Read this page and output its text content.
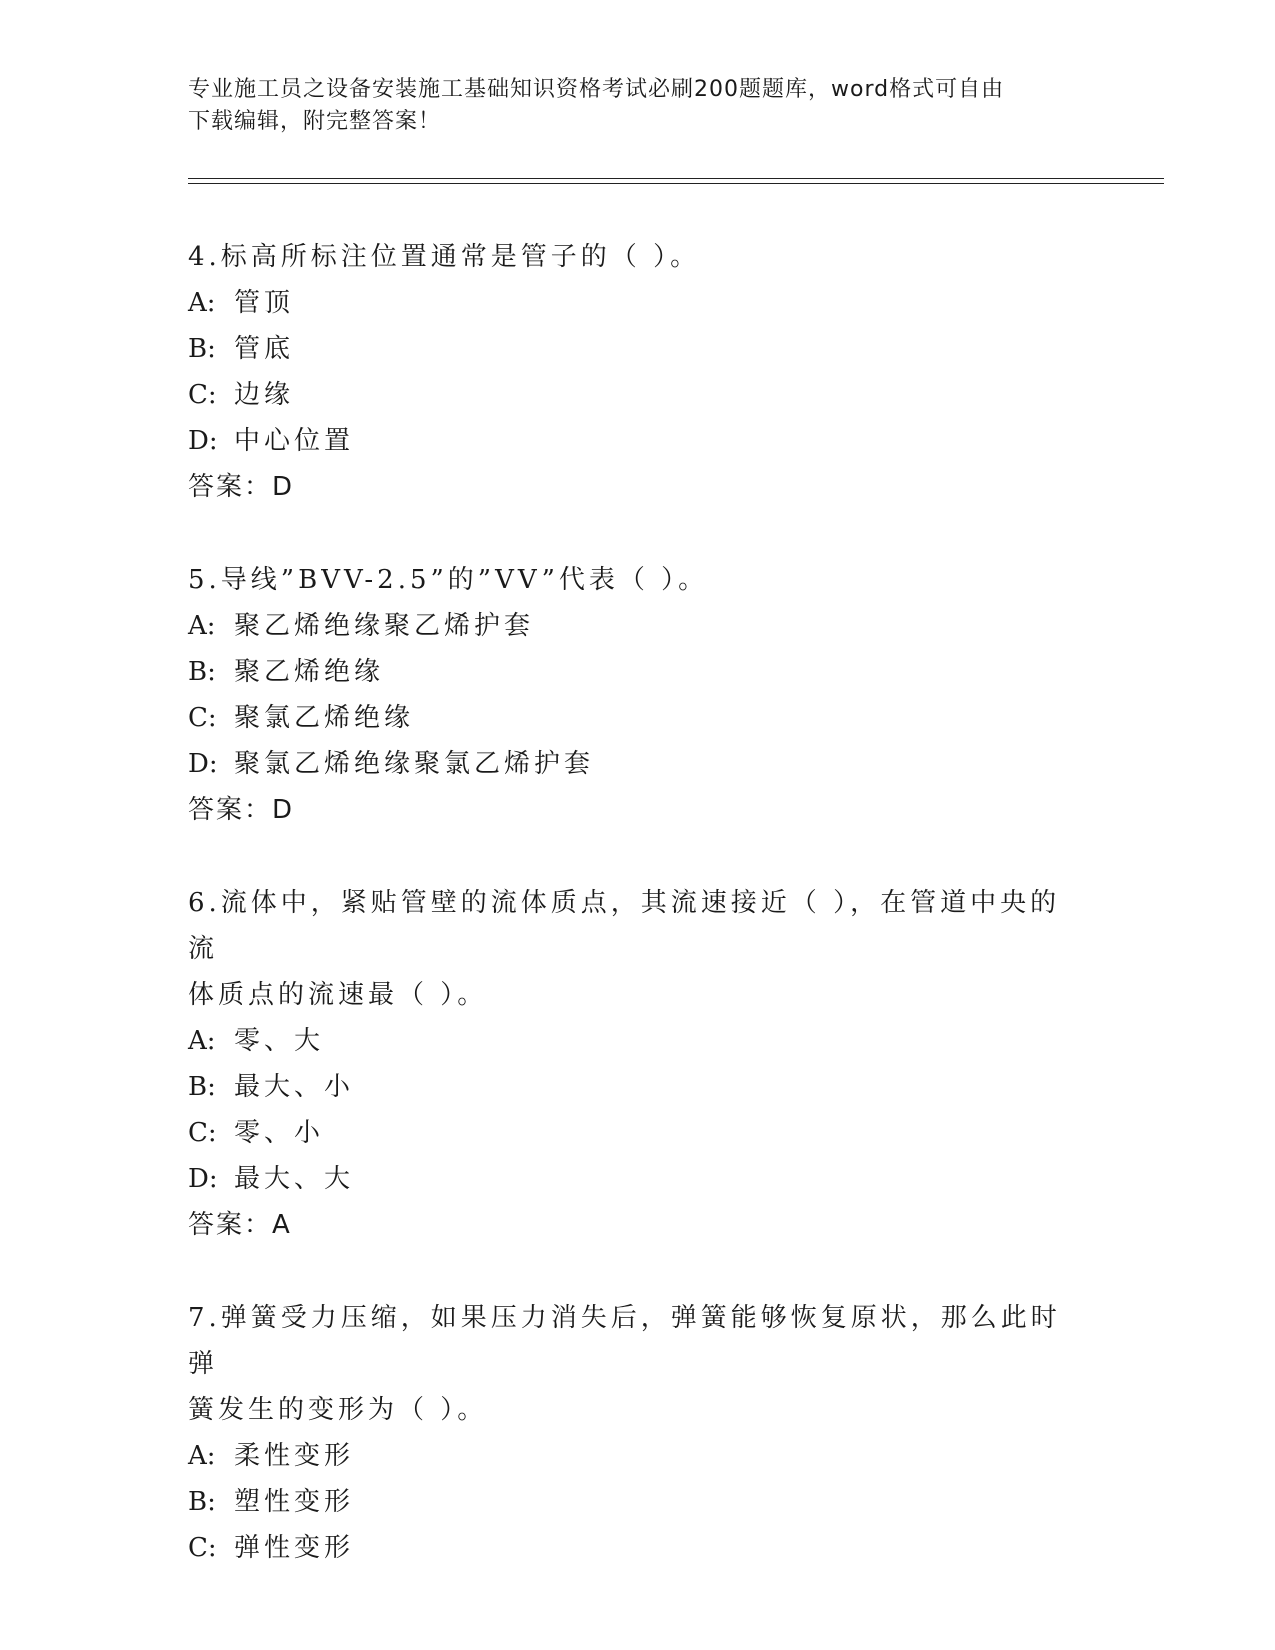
专业施工员之设备安装施工基础知识资格考试必刷200题题库，word格式可自由
下载编辑，附完整答案！
4.标高所标注位置通常是管子的（ ）。
A: 管顶
B: 管底
C: 边缘
D: 中心位置
答案：D
5.导线”BVV-2.5”的”VV”代表（ ）。
A: 聚乙烯绝缘聚乙烯护套
B: 聚乙烯绝缘
C: 聚氯乙烯绝缘
D: 聚氯乙烯绝缘聚氯乙烯护套
答案：D
6.流体中，紧贴管壁的流体质点，其流速接近（ ），在管道中央的流
体质点的流速最（ ）。
A: 零、大
B: 最大、小
C: 零、小
D: 最大、大
答案：A
7.弹簧受力压缩，如果压力消失后，弹簧能够恢复原状，那么此时弹
簧发生的变形为（ ）。
A: 柔性变形
B: 塑性变形
C: 弹性变形
